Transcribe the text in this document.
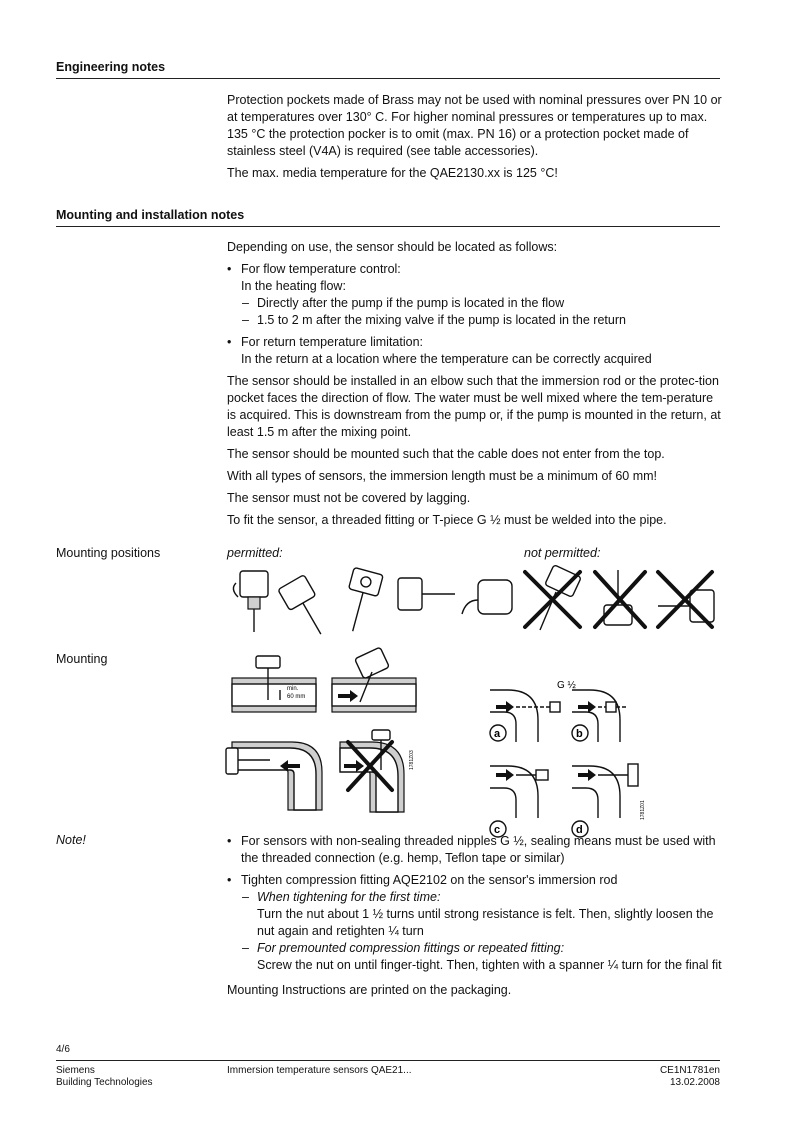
Engineering notes

Protection pockets made of Brass may not be used with nominal pressures over PN 10 or at temperatures over 130° C. For higher nominal pressures or temperatures up to max. 135 °C the protection pocker is to omit (max. PN 16) or a protection pocket made of stainless steel (V4A) is required (see table accessories).

The max. media temperature for the QAE2130.xx is 125 °C!

Mounting and installation notes

Depending on use, the sensor should be located as follows:

• For flow temperature control:
In the heating flow:
– Directly after the pump if the pump is located in the flow
– 1.5 to 2 m after the mixing valve if the pump is located in the return
• For return temperature limitation:
In the return at a location where the temperature can be correctly acquired

The sensor should be installed in an elbow such that the immersion rod or the protec-tion pocket faces the direction of flow. The water must be well mixed where the tem-perature is acquired. This is downstream from the pump or, if the pump is mounted in the return, at least 1.5 m after the mixing point.

The sensor should be mounted such that the cable does not enter from the top.

With all types of sensors, the immersion length must be a minimum of 60 mm!

The sensor must not be covered by lagging.

To fit the sensor, a threaded fitting or T-piece G ½ must be welded into the pipe.

Mounting positions	permitted:	not permitted:
Mounting
min.
60 mm
1781Z03
G ½
a	b
c	d
1781Z01
Note!
•	For sensors with non-sealing threaded nipples G ½, sealing means must be used with the threaded connection (e.g. hemp, Teflon tape or similar)
• Tighten compression fitting AQE2102 on the sensor's immersion rod
– When tightening for the first time:
Turn the nut about 1 ½ turns until strong resistance is felt. Then, slightly loosen the nut again and retighten ¼ turn
– For premounted compression fittings or repeated fitting:
Screw the nut on until finger-tight. Then, tighten with a spanner ¼ turn for the final fit

Mounting Instructions are printed on the packaging.

4/6
Siemens
Building Technologies
Immersion temperature sensors QAE21...	CE1N1781en
13.02.2008
